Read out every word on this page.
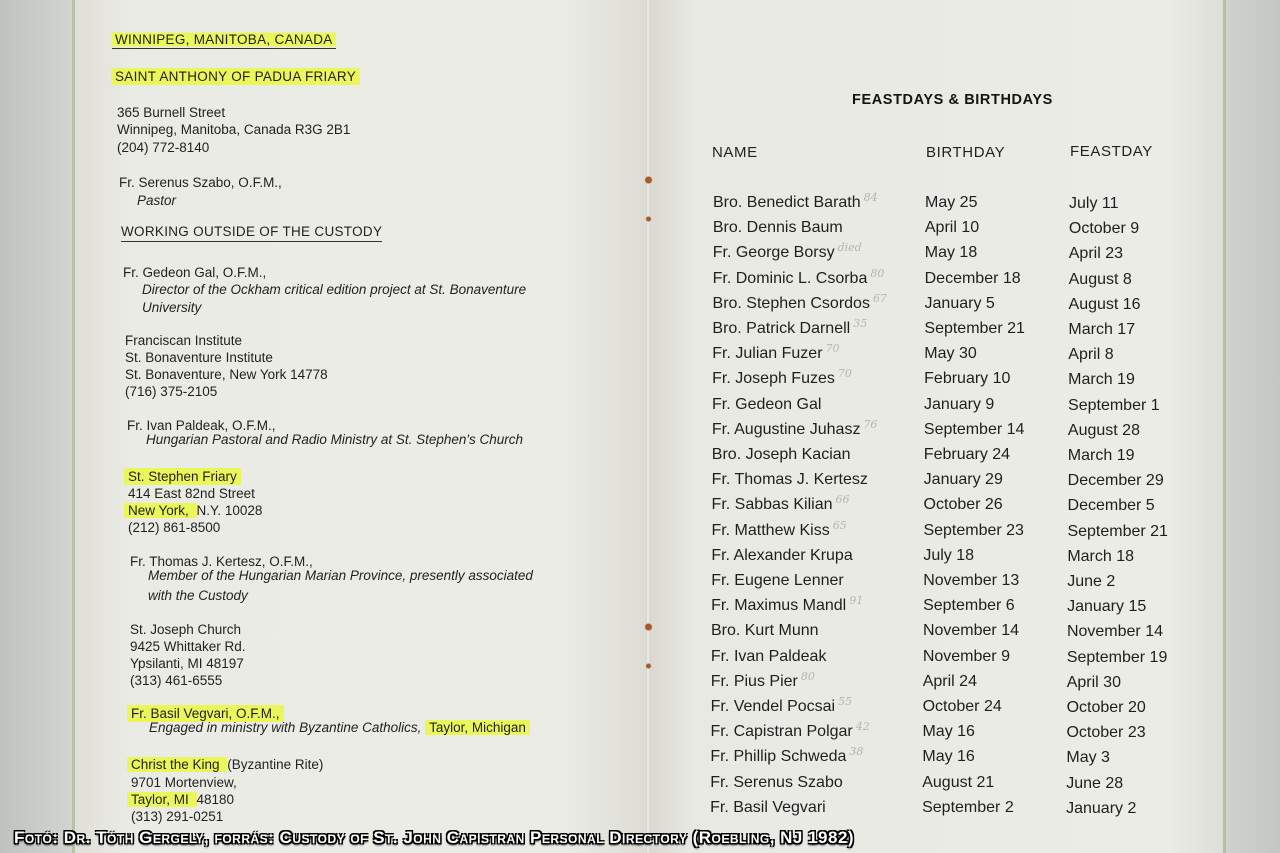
WINNIPEG, MANITOBA, CANADA
SAINT ANTHONY OF PADUA FRIARY
365 Burnell Street
Winnipeg, Manitoba, Canada R3G 2B1
(204) 772-8140
Fr. Serenus Szabo, O.F.M.,
Pastor
WORKING OUTSIDE OF THE CUSTODY
Fr. Gedeon Gal, O.F.M.,
Director of the Ockham critical edition project at St. Bonaventure
University
Franciscan Institute
St. Bonaventure Institute
St. Bonaventure, New York 14778
(716) 375-2105
Fr. Ivan Paldeak, O.F.M.,
Hungarian Pastoral and Radio Ministry at St. Stephen's Church
St. Stephen Friary
414 East 82nd Street
New York, N.Y. 10028
(212) 861-8500
Fr. Thomas J. Kertesz, O.F.M.,
Member of the Hungarian Marian Province, presently associated
with the Custody
St. Joseph Church
9425 Whittaker Rd.
Ypsilanti, MI 48197
(313) 461-6555
Fr. Basil Vegvari, O.F.M.,
Engaged in ministry with Byzantine Catholics, Taylor, Michigan
Christ the King (Byzantine Rite)
9701 Mortenview,
Taylor, MI 48180
(313) 291-0251
FEASTDAYS & BIRTHDAYS
NAME	BIRTHDAY	FEASTDAY
Bro. Benedict Barath	May 25	July 11
84
Bro. Dennis Baum	April 10	October 9
Fr. George Borsy	May 18	April 23
died
Fr. Dominic L. Csorba	December 18	August 8
80
Bro. Stephen Csordos	January 5	August 16
67
Bro. Patrick Darnell	September 21	March 17
35
Fr. Julian Fuzer	May 30	April 8
70
Fr. Joseph Fuzes	February 10	March 19
70
Fr. Gedeon Gal	January 9	September 1
Fr. Augustine Juhasz	September 14	August 28
76
Bro. Joseph Kacian	February 24	March 19
Fr. Thomas J. Kertesz	January 29	December 29
Fr. Sabbas Kilian	October 26	December 5
66
Fr. Matthew Kiss	September 23	September 21
65
Fr. Alexander Krupa	July 18	March 18
Fr. Eugene Lenner	November 13	June 2
Fr. Maximus Mandl	September 6	January 15
91
Bro. Kurt Munn	November 14	November 14
Fr. Ivan Paldeak	November 9	September 19
Fr. Pius Pier	April 24	April 30
80
Fr. Vendel Pocsai	October 24	October 20
55
Fr. Capistran Polgar	May 16	October 23
42
Fr. Phillip Schweda	May 16	May 3
38
Fr. Serenus Szabo	August 21	June 28
Fr. Basil Vegvari	September 2	January 2
Fotó: Dr. Tóth Gergely, forrás: Custody of St. John Capistran Personal Directory (Roebling, NJ 1982)
